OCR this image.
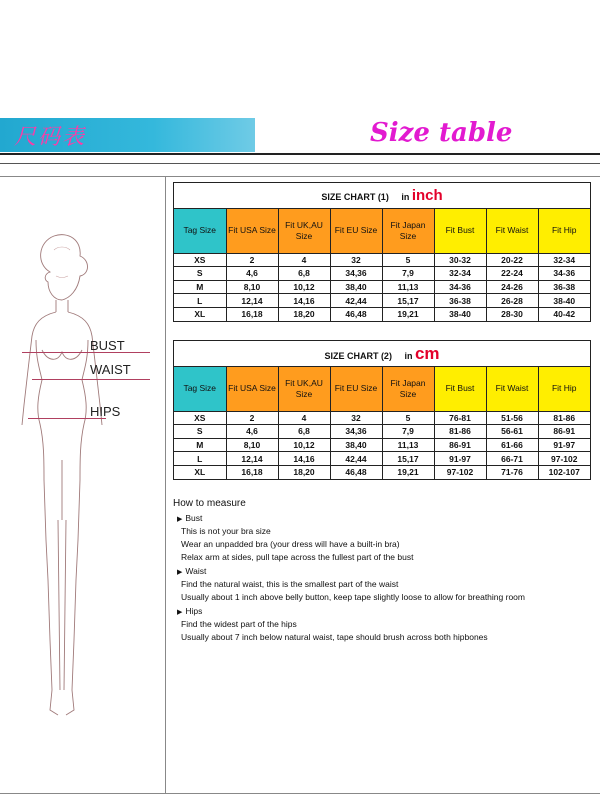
尺码表	Size table
BUST
WAIST
HIPS
SIZE CHART (1) in inch
Tag Size	Fit USA Size	Fit UK,AU Size	Fit EU Size	Fit Japan Size	Fit Bust	Fit Waist	Fit Hip
XS	2	4	32	5	30-32	20-22	32-34
S	4,6	6,8	34,36	7,9	32-34	22-24	34-36
M	8,10	10,12	38,40	11,13	34-36	24-26	36-38
L	12,14	14,16	42,44	15,17	36-38	26-28	38-40
XL	16,18	18,20	46,48	19,21	38-40	28-30	40-42
SIZE CHART (2) in cm
Tag Size	Fit USA Size	Fit UK,AU Size	Fit EU Size	Fit Japan Size	Fit Bust	Fit Waist	Fit Hip
XS	2	4	32	5	76-81	51-56	81-86
S	4,6	6,8	34,36	7,9	81-86	56-61	86-91
M	8,10	10,12	38,40	11,13	86-91	61-66	91-97
L	12,14	14,16	42,44	15,17	91-97	66-71	97-102
XL	16,18	18,20	46,48	19,21	97-102	71-76	102-107
How to measure
▶ Bust
This is not your bra size
Wear an unpadded bra (your dress will have a built-in bra)
Relax arm at sides, pull tape across the fullest part of the bust
▶ Waist
Find the natural waist, this is the smallest part of the waist
Usually about 1 inch above belly button, keep tape slightly loose to allow for breathing room
▶ Hips
Find the widest part of the hips
Usually about 7 inch below natural waist, tape should brush across both hipbones
